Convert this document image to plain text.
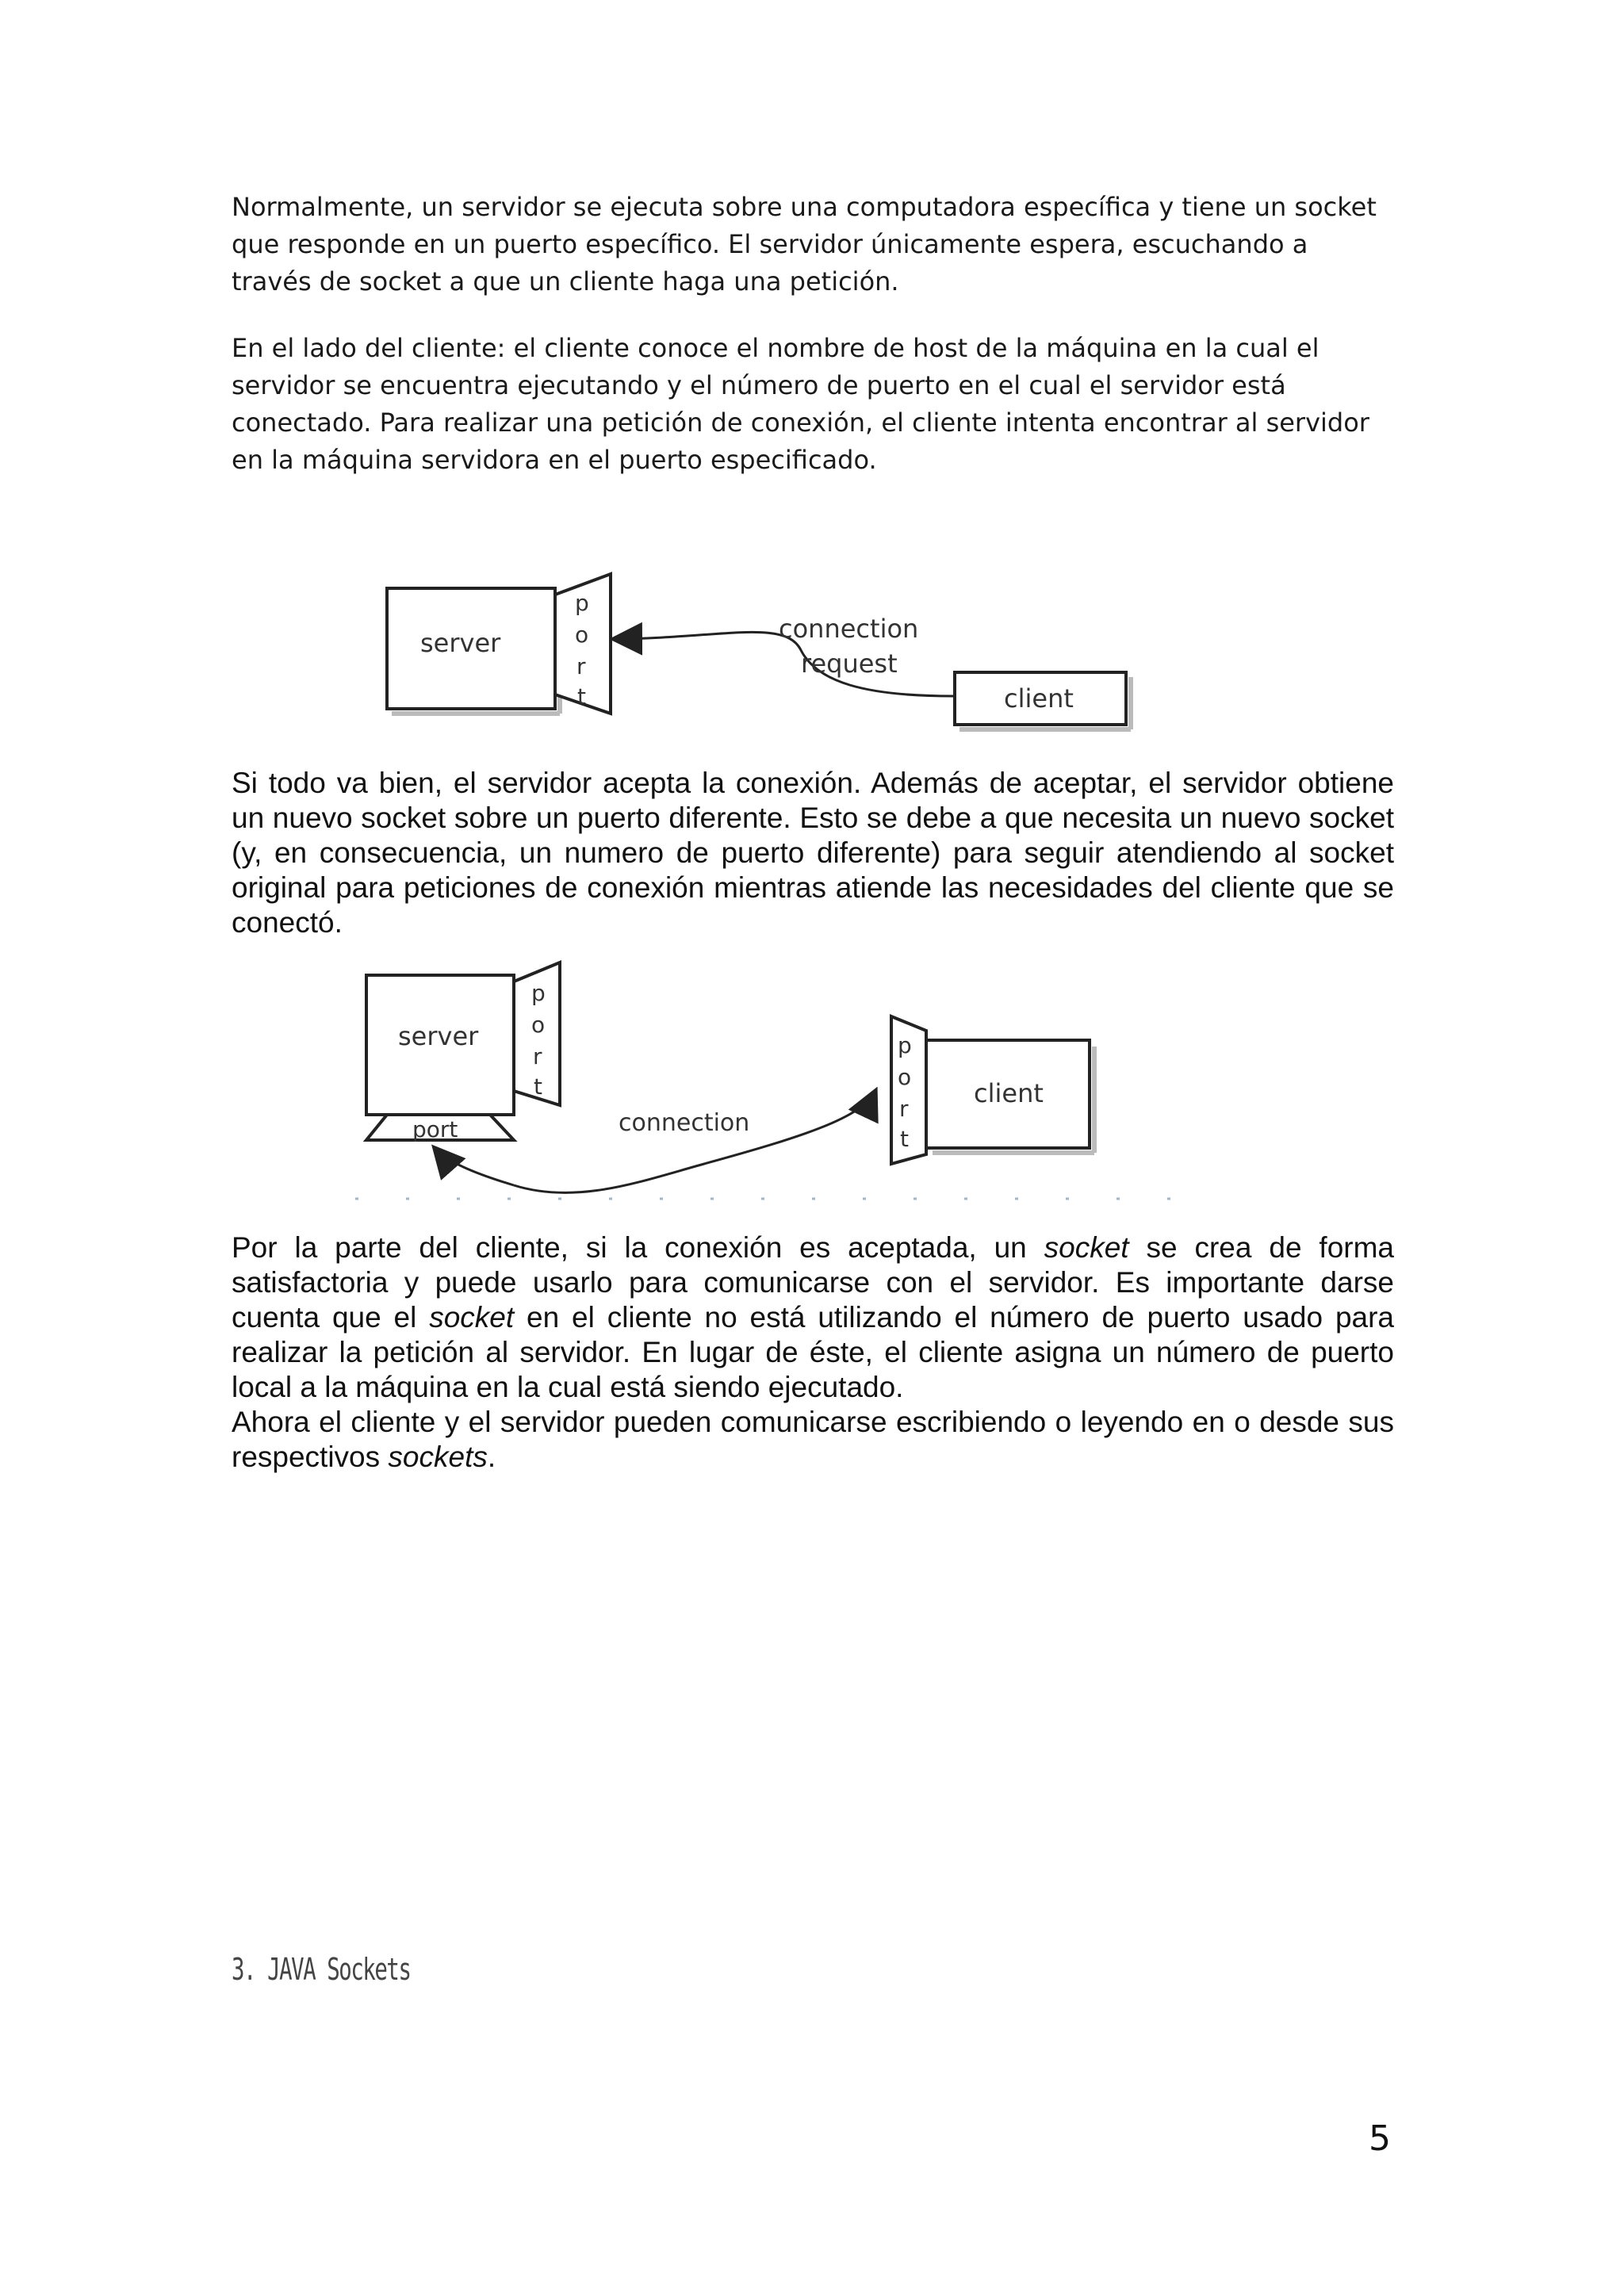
Normalmente, un servidor se ejecuta sobre una computadora específica y tiene un socket que responde en un puerto específico. El servidor únicamente espera, escuchando a través de socket a que un cliente haga una petición.

En el lado del cliente: el cliente conoce el nombre de host de la máquina en la cual el servidor se encuentra ejecutando y el número de puerto en el cual el servidor está conectado. Para realizar una petición de conexión, el cliente intenta encontrar al servidor en la máquina servidora en el puerto especificado.

server
p
o
r
t
connection
request
client

Si todo va bien, el servidor acepta la conexión. Además de aceptar, el servidor obtiene un nuevo socket sobre un puerto diferente. Esto se debe a que necesita un nuevo socket (y, en consecuencia, un numero de puerto diferente) para seguir atendiendo al socket original para peticiones de conexión mientras atiende las necesidades del cliente que se conectó.

server
p
o
r
t
port	connection
p
o
r
t
client

Por la parte del cliente, si la conexión es aceptada, un socket se crea de forma satisfactoria y puede usarlo para comunicarse con el servidor. Es importante darse cuenta que el socket en el cliente no está utilizando el número de puerto usado para realizar la petición al servidor. En lugar de éste, el cliente asigna un número de puerto local a la máquina en la cual está siendo ejecutado.

Ahora el cliente y el servidor pueden comunicarse escribiendo o leyendo en o desde sus respectivos sockets.

3. JAVA Sockets

5
